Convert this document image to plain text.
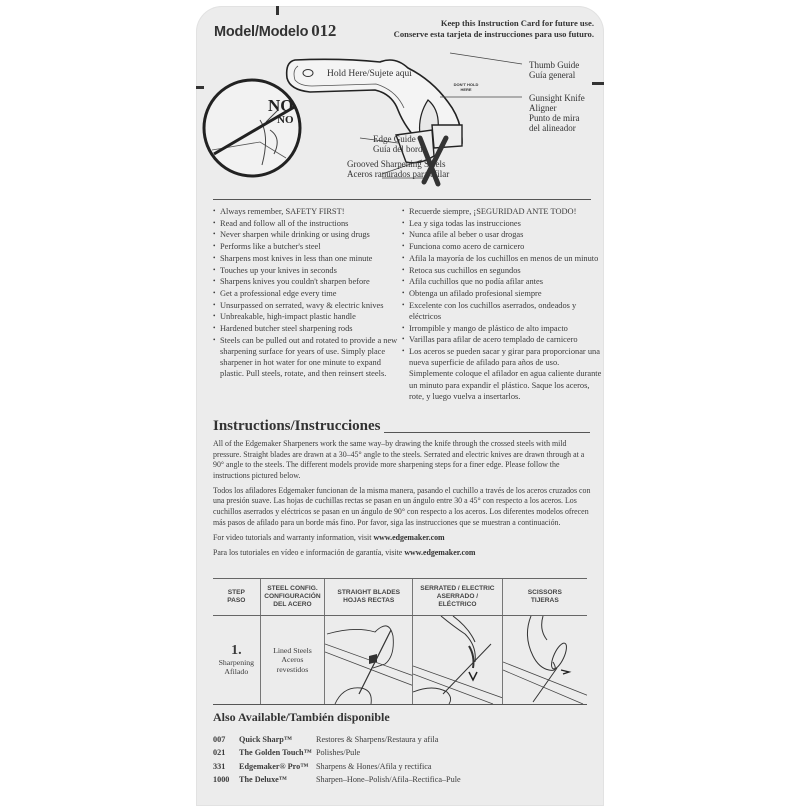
Model/Modelo 012	Keep this Instruction Card for future use.
Conserve esta tarjeta de instrucciones para uso futuro.
NO
NO
Hold Here/Sujete aquí
DON'T HOLD HERE
Thumb Guide
Guía general
Gunsight Knife
Aligner
Punto de mira
del alineador
Edge Guide
Guía del borde
Grooved Sharpening Steels
Aceros ranurados para afilar
• Always remember, SAFETY FIRST!
• Read and follow all of the instructions
• Never sharpen while drinking or using drugs
• Performs like a butcher's steel
• Sharpens most knives in less than one minute
• Touches up your knives in seconds
• Sharpens knives you couldn't sharpen before
• Get a professional edge every time
• Unsurpassed on serrated, wavy & electric knives
• Unbreakable, high-impact plastic handle
• Hardened butcher steel sharpening rods
• Steels can be pulled out and rotated to provide a new sharpening surface for years of use. Simply place sharpener in hot water for one minute to expand plastic. Pull steels, rotate, and then reinsert steels.
• Recuerde siempre, ¡SEGURIDAD ANTE TODO!
• Lea y siga todas las instrucciones
• Nunca afile al beber o usar drogas
• Funciona como acero de carnicero
• Afila la mayoría de los cuchillos en menos de un minuto
• Retoca sus cuchillos en segundos
• Afila cuchillos que no podía afilar antes
• Obtenga un afilado profesional siempre
• Excelente con los cuchillos aserrados, ondeados y eléctricos
• Irrompible y mango de plástico de alto impacto
• Varillas para afilar de acero templado de carnicero
• Los aceros se pueden sacar y girar para proporcionar una nueva superficie de afilado para años de uso. Simplemente coloque el afilador en agua caliente durante un minuto para expandir el plástico. Saque los aceros, rote, y luego vuelva a insertarlos.
Instructions/Instrucciones

All of the Edgemaker Sharpeners work the same way–by drawing the knife through the crossed steels with mild pressure. Straight blades are drawn at a 30–45° angle to the steels. Serrated and electric knives are drawn through at a 90° angle to the steels. The different models provide more sharpening steps for a finer edge. Please follow the instructions pictured below.

Todos los afiladores Edgemaker funcionan de la misma manera, pasando el cuchillo a través de los aceros cruzados con una presión suave. Las hojas de cuchillas rectas se pasan en un ángulo entre 30 a 45° con respecto a los aceros. Los cuchillos aserrados y eléctricos se pasan en un ángulo de 90° con respecto a los aceros. Los diferentes modelos ofrecen más pasos de afilado para un borde más fino. Por favor, siga las instrucciones que se muestran a continuación.

For video tutorials and warranty information, visit www.edgemaker.com

Para los tutoriales en vídeo e información de garantía, visite www.edgemaker.com

STEP
PASO

STEEL CONFIG.
CONFIGURACIÓN
DEL ACERO

STRAIGHT BLADES
HOJAS RECTAS

SERRATED / ELECTRIC
ASERRADO /
ELÉCTRICO

SCISSORS
TIJERAS

1.
Sharpening
Afilado

Lined Steels
Aceros
revestidos

Also Available/También disponible
007	Quick Sharp™	Restores & Sharpens/Restaura y afila
021	The Golden Touch™ Polishes/Pule
331	Edgemaker® Pro™ Sharpens & Hones/Afila y rectifica
1000	The Deluxe™	Sharpen–Hone–Polish/Afila–Rectifica–Pule
